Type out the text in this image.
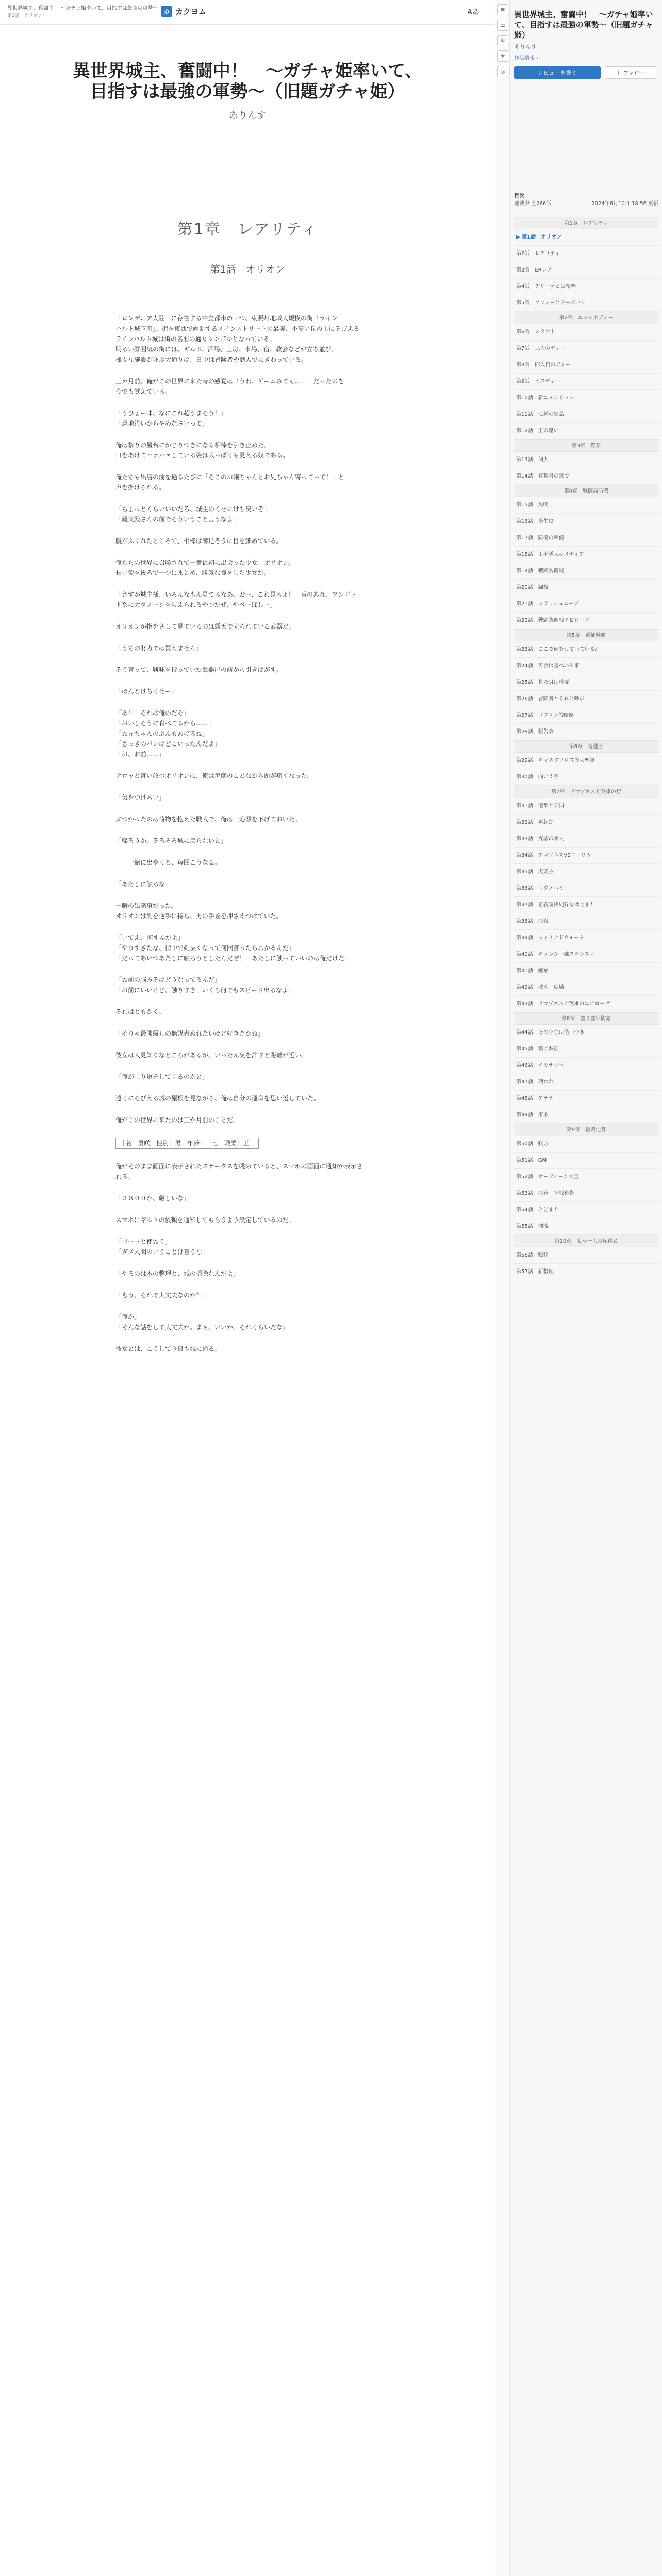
異世界城主、奮闘中！ 〜ガチャ姫率いて、目指すは最強の軍勢〜
第1話　オリオン	カ カクヨム	Aあ
異世界城主、奮闘中！　〜ガチャ姫率いて、目指すは最強の軍勢〜（旧題ガチャ姫）
ありんす
第1章　レアリティ
第1話　オリオン

「ロンデニア大陸」に存在する中立都市の１つ、東照州地域大規模の街「ライン

ハルト城下町」。街を東西で両断するメインストリートの最奥、小高い丘の上にそびえる

ラインハルト城は街の名前の通りシンボルとなっている。

明るい雰囲気の街には、ギルド、酒場、工房、市場、宿、教会などが立ち並び、

様々な施設が並ぶ大通りは、日中は冒険者や商人でにぎわっている。

三カ月前、俺がこの世界に来た時の感覚は「うわ、ゲームみてぇ……」だったのを

今でも覚えている。

「うひょー味、なにこれ超うまそう！」

「意地汚いからやめなさいって」

俺は祭りの屋台にかじりつきになる相棒を引き止めた。

口をあけてハァハァしている姿は犬っぽくも見える奴である。

俺たちも出店の前を通るたびに「そこのお嬢ちゃんとお兄ちゃん寄ってって！」と

声を掛けられる。

「ちょっとくらいいいだろ、城主のくせにけち臭いぞ」

「親父殿さんの前でそういうこと言うなよ」

腹がふくれたところで、相棒は満足そうに目を細めている。

俺たちの世界に召喚されて一番最初に出会った少女、オリオン。

長い髪を後ろで一つにまとめ、勝気な瞳をした少女だ。

「さすが城主様、いろんなもん見てるなあ。おー、これ見ろよ！　旨のあれ、アンデッ

ト系に大ダメージを与えられるやつだぜ。やべーほしー」

オリオンが指をさして見ているのは露天で売られている武器だ。

「うちの財力では買えません」

そう言って、興味を持っていた武器屋の前から引きはがす。

「ほんとけちくせー」

「あ！　それは俺のだぞ」

「おいしそうに食べてるから……」

「お兄ちゃんのぶんもあげるね」

「さっきのパンはどこいったんだよ」

「お、お前……」

ケロッと言い放つオリオンに、俺は毎度のことながら頭が痛くなった。

「気をつけろい」

ぶつかったのは荷物を抱えた職人で、俺は一応頭を下げておいた。

「帰ろうか。そろそろ城に戻らないと」

　　一緒に出歩くと、毎回こうなる。

「あたしに触るな」

一瞬の出来事だった。

オリオンは剣を逆手に持ち、男の手首を押さえつけていた。

「いてえ、何すんだよ」

「やりすぎたな、街中で剣抜くなって何回言ったらわかるんだ」

「だってあいつあたしに触ろうとしたんだぜ！　あたしに触っていいのは俺だけだ」

「お前の脳みそはどうなってるんだ」

「お前にいいけど、触りすぎ。いくら何でもスピード出るなよ」

それはともかく。

「そりゃ最強級しの無謀者ぬれたいほど好きだかね」

彼女は人見知りなところがあるが、いったん気を許すと距離が近い。

「俺が上り道をしてくるのかと」

遠くにそびえる城の屋根を見ながら、俺は自分の運命を思い返していた。

俺がこの世界に来たのは三か月前のことだ。

［名　勇咲　性別：男　年齢：一七　職業：王］

俺がそのまま画面に表示されたステータスを眺めていると、スマホの画面に通知が表示さ

れる。

「３８００か、厳しいな」

スマホにギルドの依頼を通知してもらうよう設定しているのだ。

「パーッと使おう」

「ダメ人間のいうことは言うな」

「やるのは本の整理と、城の掃除なんだよ」

「もう、それで大丈夫なのか？」

「俺か」

「そんな話をして大丈夫か。まぁ、いいか。それくらいだな」

彼女とは、こうして今日も城に帰る。

≡
☰
⚙
★
◎
異世界城主、奮闘中！　〜ガチャ姫率いて、目指すは最強の軍勢〜（旧題ガチャ姫）
ありんす
作品情報 ›
レビューを書く	＋ フォロー
目次
連載中 全266話	2024年6月10日 18:56 更新
第1章　レアリティ
▶ 第1話　オリオン
第2話　レアリティ
第3話　ERレア
第4話　アリーナとは相棒
第5話　ソフィーとテーズバン
第2章　エンスポディー
第6話　スタウト
第7話　三人のディー
第8話　四人目のディー
第9話　ミスディー
第10話　新ユメジリョン
第11話　七種の結晶
第12話　王の違い
第3章　野菜
第13話　個人
第14話　宣誓書の意で
第4章　戦闘局防戦
第15話　説明
第16話　墨生虫
第17話　防衛の準備
第18話　１小隊大キメディア
第19話　戦闘防衛戦
第20話　闘技
第21話　フラッシュムーブ
第22話　戦闘防衛戦エピローグ
第5章　遠征戦略
第23話　ここで何をしていている？
第24話　再会は喜べいる事
第25話　見た目は重要
第26話　冒険者とそれと呼び
第27話　ゴブリン戦略略
第28話　報告会
第6章　竜運王
第29話　キャスタウロスの大聖誕
第30話　向いえ手
第7章　アマゾネス七英雄の行
第31話　宅都と天国
第32話　再起動
第33話　究壊の帳人
第34話　アマゾネスVSエーリカ
第35話　天要主
第36話　コクノハミ
第37話　正義調決純粋なはじまり
第38話　決着
第39話　ファイナドウォーク
第40話　キュンシー雑フランスマ
第41話　継承
第42話　散斗　広場
第43話　アマゾネス七英雄のエピローグ
第8章　盗り盗い防衛
第44話　その小生は値口つき
第45話　領ごお征
第46話　イカサマ玉
第47話　使われ
第48話　アテナ
第49話　家主
第9章　信戦他賞
第50話　転方
第51話　GM
第52話　オーディーン大宣
第53話　決意＋宣戦布告
第54話　とどまり
第55話　漂流
第10章　もう一人の転移者
第56話　転移
第57話　新整理
